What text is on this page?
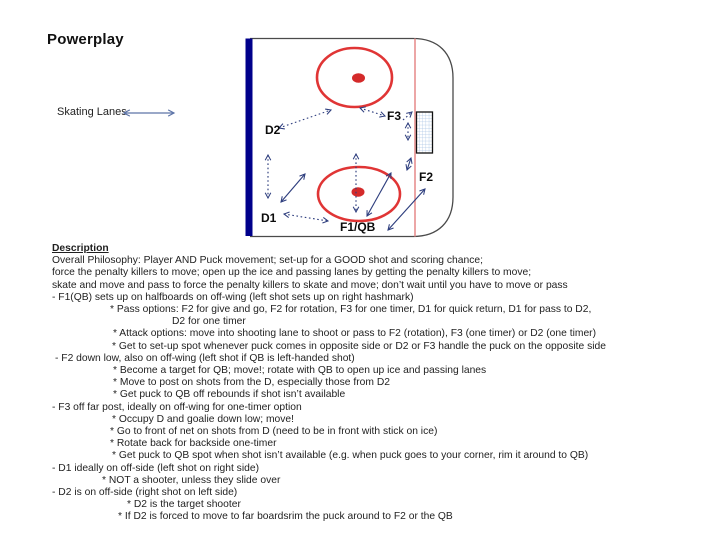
Powerplay
Skating Lanes
D2
F3
F2
D1
F1/QB
Description
Overall Philosophy: Player AND Puck movement; set-up for a GOOD shot and scoring chance;
force the penalty killers to move; open up the ice and passing lanes by getting the penalty killers to move;
skate and move and pass to force the penalty killers to skate and move; don’t wait until you have to move or pass
- F1(QB) sets up on halfboards on off-wing (left shot sets up on right hashmark)
* Pass options: F2 for give and go, F2 for rotation, F3 for one timer, D1 for quick return, D1 for pass to D2,
D2 for one timer
* Attack options: move into shooting lane to shoot or pass to F2 (rotation), F3 (one timer) or D2 (one timer)
* Get to set-up spot whenever puck comes in opposite side or D2 or F3 handle the puck on the opposite side
- F2 down low, also on off-wing (left shot if QB is left-handed shot)
* Become a target for QB; move!; rotate with QB to open up ice and passing lanes
* Move to post on shots from the D, especially those from D2
* Get puck to QB off rebounds if shot isn’t available
- F3 off far post, ideally on off-wing for one-timer option
* Occupy D and goalie down low; move!
* Go to front of net on shots from D (need to be in front with stick on ice)
* Rotate back for backside one-timer
* Get puck to QB spot when shot isn’t available (e.g. when puck goes to your corner, rim it around to QB)
- D1 ideally on off-side (left shot on right side)
* NOT a shooter, unless they slide over
- D2 is on off-side (right shot on left side)
* D2 is the target shooter
* If D2 is forced to move to far boardsrim the puck around to F2 or the QB
